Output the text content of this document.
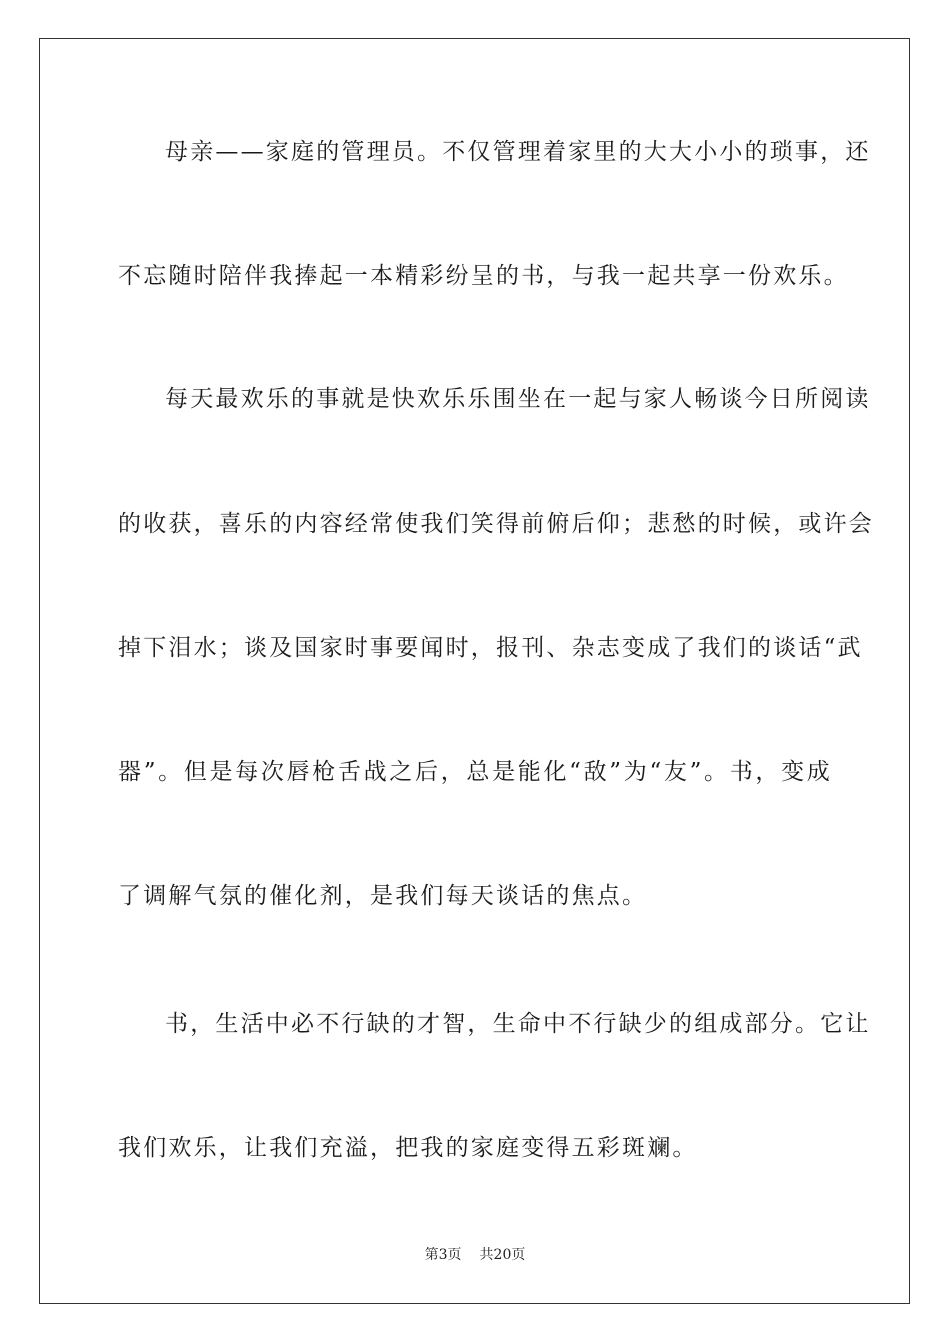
母亲——家庭的管理员。不仅管理着家里的大大小小的琐事，还
不忘随时陪伴我捧起一本精彩纷呈的书，与我一起共享一份欢乐。
每天最欢乐的事就是快欢乐乐围坐在一起与家人畅谈今日所阅读
的收获，喜乐的内容经常使我们笑得前俯后仰；悲愁的时候，或许会
掉下泪水；谈及国家时事要闻时，报刊、杂志变成了我们的谈话“武
器”。但是每次唇枪舌战之后，总是能化“敌”为“友”。书，变成
了调解气氛的催化剂，是我们每天谈话的焦点。
书，生活中必不行缺的才智，生命中不行缺少的组成部分。它让
我们欢乐，让我们充溢，把我的家庭变得五彩斑斓。
第3页 共20页
